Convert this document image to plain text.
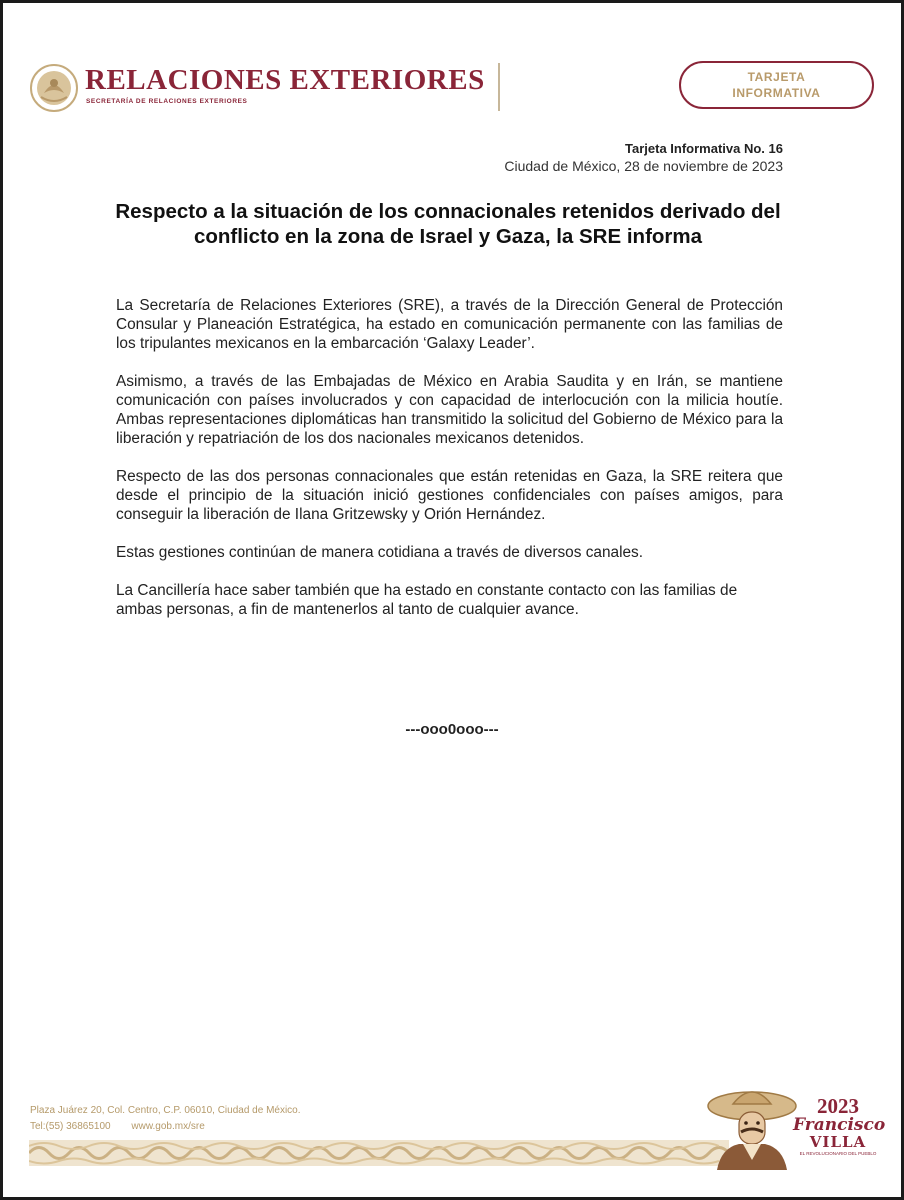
RELACIONES EXTERIORES
SECRETARÍA DE RELACIONES EXTERIORES
TARJETA
INFORMATIVA
Tarjeta Informativa No. 16
Ciudad de México, 28 de noviembre de 2023
Respecto a la situación de los connacionales retenidos derivado del conflicto en la zona de Israel y Gaza, la SRE informa

La Secretaría de Relaciones Exteriores (SRE), a través de la Dirección General de Protección Consular y Planeación Estratégica, ha estado en comunicación permanente con las familias de los tripulantes mexicanos en la embarcación ‘Galaxy Leader’.

Asimismo, a través de las Embajadas de México en Arabia Saudita y en Irán, se mantiene comunicación con países involucrados y con capacidad de interlocución con la milicia houtíe. Ambas representaciones diplomáticas han transmitido la solicitud del Gobierno de México para la liberación y repatriación de los dos nacionales mexicanos detenidos.

Respecto de las dos personas connacionales que están retenidas en Gaza, la SRE reitera que desde el principio de la situación inició gestiones confidenciales con países amigos, para conseguir la liberación de Ilana Gritzewsky y Orión Hernández.

Estas gestiones continúan de manera cotidiana a través de diversos canales.

La Cancillería hace saber también que ha estado en constante contacto con las familias de ambas personas, a fin de mantenerlos al tanto de cualquier avance.

---ooo0ooo---
Plaza Juárez 20, Col. Centro, C.P. 06010, Ciudad de México.
Tel:(55) 36865100 www.gob.mx/sre
2023
Francisco
VILLA
EL REVOLUCIONARIO DEL PUEBLO
